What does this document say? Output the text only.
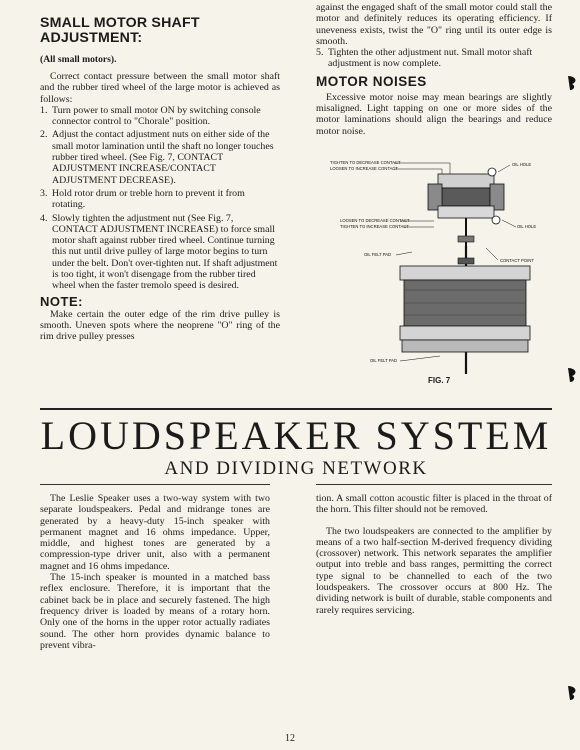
SMALL MOTOR SHAFT ADJUSTMENT:
(All small motors).

Correct contact pressure between the small motor shaft and the rubber tired wheel of the large motor is achieved as follows:

1. Turn power to small motor ON by switching console connector control to "Chorale" position.
2. Adjust the contact adjustment nuts on either side of the small motor lamination until the shaft no longer touches rubber tired wheel. (See Fig. 7, CONTACT ADJUSTMENT INCREASE/CONTACT ADJUSTMENT DECREASE).
3. Hold rotor drum or treble horn to prevent it from rotating.
4. Slowly tighten the adjustment nut (See Fig. 7, CONTACT ADJUSTMENT INCREASE) to force small motor shaft against rubber tired wheel. Continue turning this nut until drive pulley of large motor begins to turn under the belt. Don't over-tighten nut. If shaft adjustment is too tight, it won't disengage from the rubber tired wheel when the faster tremolo speed is desired.
NOTE:

Make certain the outer edge of the rim drive pulley is smooth. Uneven spots where the neoprene "O" ring of the rim drive pulley presses

against the engaged shaft of the small motor could stall the motor and definitely reduces its operating efficiency. If uneveness exists, twist the "O" ring until its outer edge is smooth.

5. Tighten the other adjustment nut. Small motor shaft adjustment is now complete.
MOTOR NOISES

Excessive motor noise may mean bearings are slightly misaligned. Light tapping on one or more sides of the motor laminations should align the bearings and reduce motor noise.

TIGHTEN TO DECREASE CONTACT
LOOSEN TO INCREASE CONTACT
OIL HOLE
LOOSEN TO DECREASE CONTACT
TIGHTEN TO INCREASE CONTACT	OIL HOLE
OIL FELT PAD
CONTACT POINT
OIL FELT PAD
FIG. 7
LOUDSPEAKER SYSTEM
AND DIVIDING NETWORK

The Leslie Speaker uses a two-way system with two separate loudspeakers. Pedal and midrange tones are generated by a heavy-duty 15-inch speaker with permanent magnet and 16 ohms impedance. Upper, middle, and highest tones are generated by a compression-type driver unit, also with a permanent magnet and 16 ohms impedance.

The 15-inch speaker is mounted in a matched bass reflex enclosure. Therefore, it is important that the cabinet back be in place and securely fastened. The high frequency driver is loaded by means of a rotary horn. Only one of the horns in the upper rotor actually radiates sound. The other horn provides dynamic balance to prevent vibra-

tion. A small cotton acoustic filter is placed in the throat of the horn. This filter should not be removed.

The two loudspeakers are connected to the amplifier by means of a two half-section M-derived frequency dividing (crossover) network. This network separates the amplifier output into treble and bass ranges, permitting the correct type signal to be channelled to each of the two loudspeakers. The crossover occurs at 800 Hz. The dividing network is built of durable, stable components and rarely requires servicing.

12
